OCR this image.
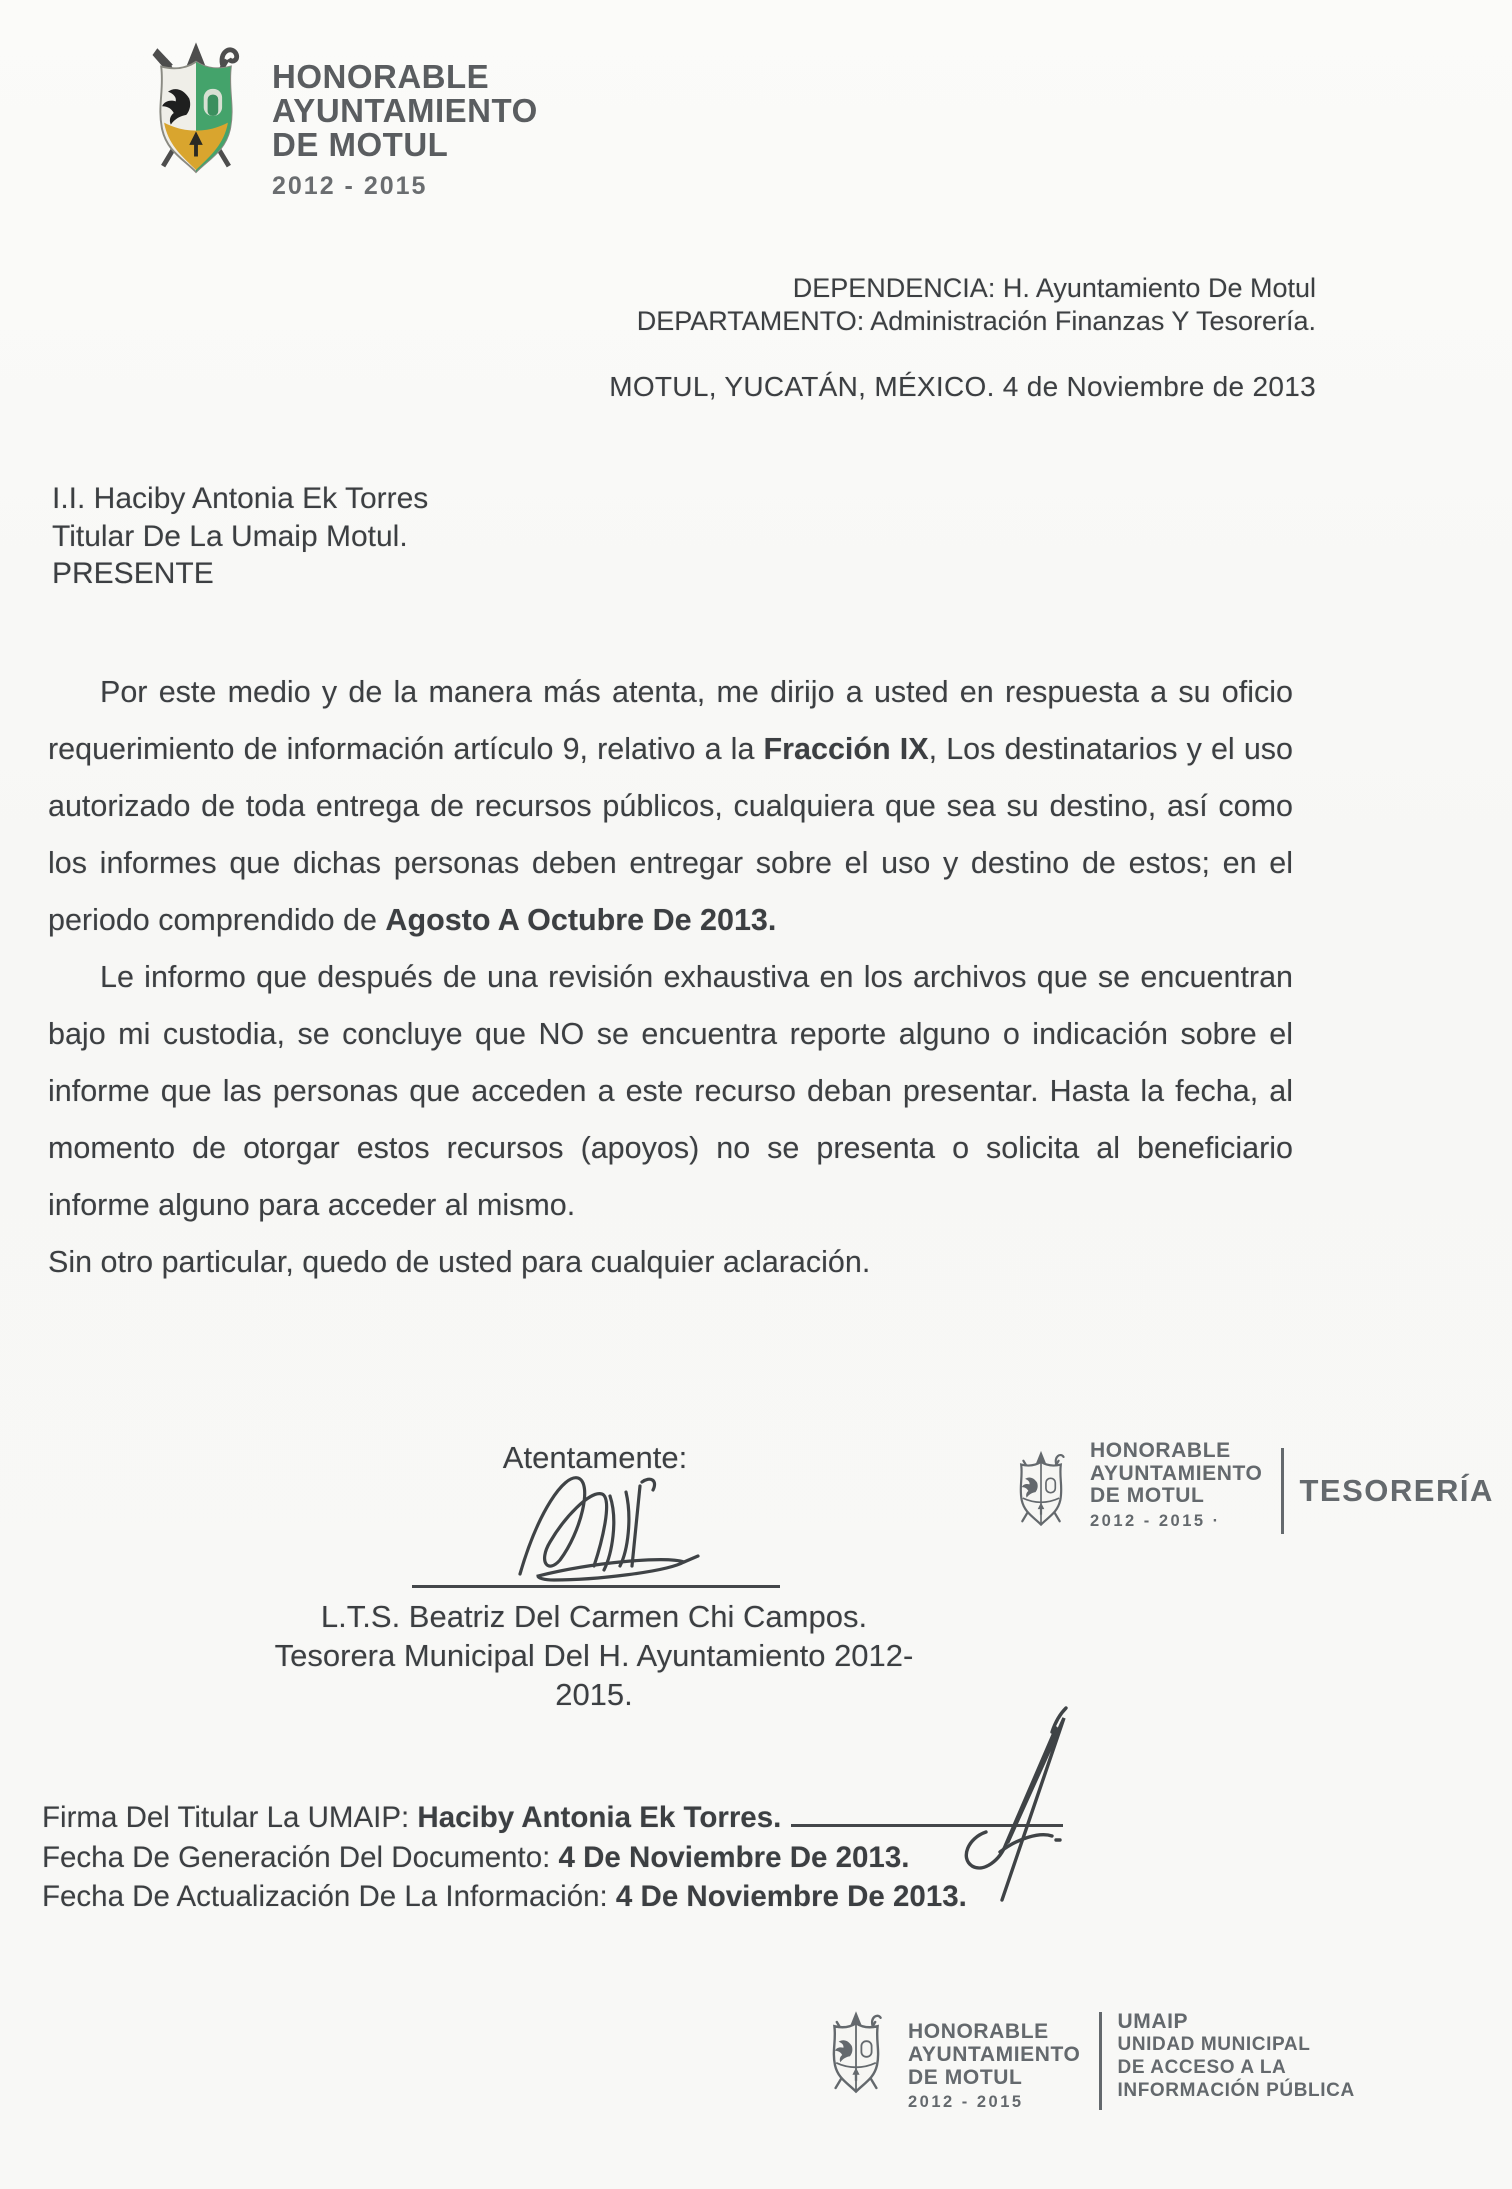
HONORABLE
AYUNTAMIENTO
DE MOTUL
2012 - 2015
DEPENDENCIA: H. Ayuntamiento De Motul
DEPARTAMENTO: Administración Finanzas Y Tesorería.
MOTUL, YUCATÁN, MÉXICO. 4 de Noviembre de 2013
I.I. Haciby Antonia Ek Torres
Titular De La Umaip Motul.
PRESENTE

Por este medio y de la manera más atenta, me dirijo a usted en respuesta a su oficio requerimiento de información artículo 9, relativo a la Fracción IX, Los destinatarios y el uso autorizado de toda entrega de recursos públicos, cualquiera que sea su destino, así como los informes que dichas personas deben entregar sobre el uso y destino de estos; en el periodo comprendido de Agosto A Octubre De 2013.

Le informo que después de una revisión exhaustiva en los archivos que se encuentran bajo mi custodia, se concluye que NO se encuentra reporte alguno o indicación sobre el informe que las personas que acceden a este recurso deban presentar. Hasta la fecha, al momento de otorgar estos recursos (apoyos) no se presenta o solicita al beneficiario informe alguno para acceder al mismo.

Sin otro particular, quedo de usted para cualquier aclaración.

Atentamente:
L.T.S. Beatriz Del Carmen Chi Campos.
Tesorera Municipal Del H. Ayuntamiento 2012-2015.
HONORABLE
AYUNTAMIENTO
DE MOTUL
2012 - 2015 ·
TESORERÍA
Firma Del Titular La UMAIP: Haciby Antonia Ek Torres.
Fecha De Generación Del Documento: 4 De Noviembre De 2013.
Fecha De Actualización De La Información: 4 De Noviembre De 2013.
HONORABLE
AYUNTAMIENTO
DE MOTUL
2012 - 2015
UMAIP
UNIDAD MUNICIPAL
DE ACCESO A LA
INFORMACIÓN PÚBLICA
